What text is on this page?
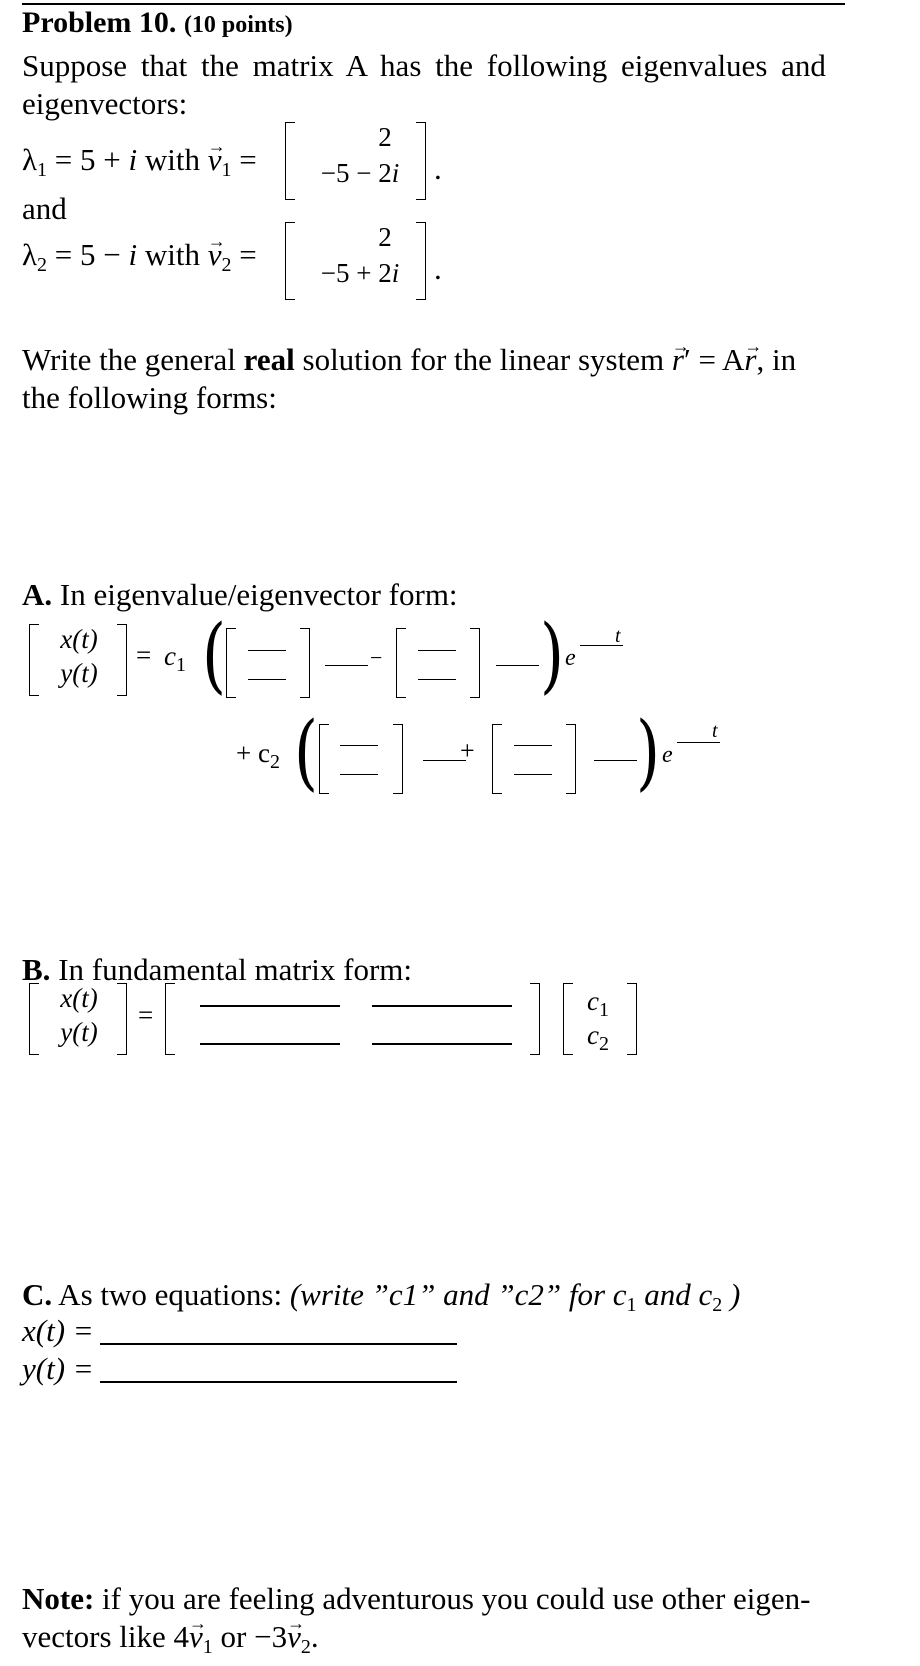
Problem 10. (10 points)
Suppose that the matrix A has the following eigenvalues and
eigenvectors:
$\lambda_1 = 5 + i$ with → $v_1$ =
2
−5 − 2i	.
and
$\lambda_2 = 5 - i$ with → $v_2$ =	2
−5 + 2i	.
Write the general real solution for the linear system → r′ = A→ r, in
the following forms:
A. In eigenvalue/eigenvector form:
x(t)
y(t)
= $c_1$ (	− ) e
t
+ $c_2$ (	+ ) e
t
B. In fundamental matrix form:
x(t)
y(t)
=	$c_1$
$c_2$
C. As two equations: (write ”c1” and ”c2” for $c_1$ and $c_2$ )
x(t) =
y(t) =
Note: if you are feeling adventurous you could use other eigen-
vectors like $4\to v_1$ or $-3\to v_2$.
